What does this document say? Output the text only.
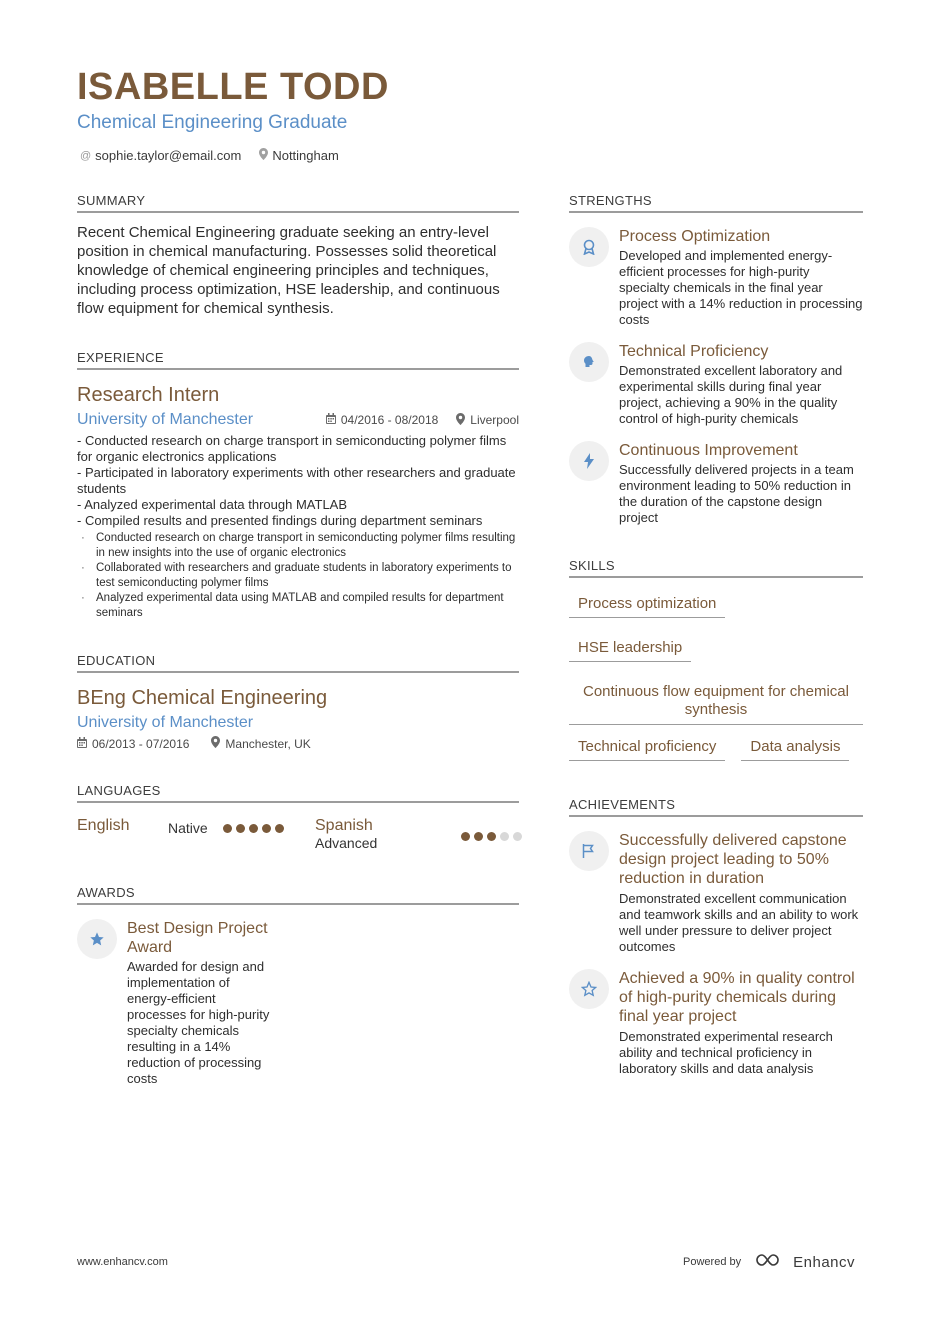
ISABELLE TODD
Chemical Engineering Graduate
@ sophie.taylor@email.com Nottingham
SUMMARY
Recent Chemical Engineering graduate seeking an entry-level position in chemical manufacturing. Possesses solid theoretical knowledge of chemical engineering principles and techniques, including process optimization, HSE leadership, and continuous flow equipment for chemical synthesis.
EXPERIENCE
Research Intern
University of Manchester	04/2016 - 08/2018	Liverpool
- Conducted research on charge transport in semiconducting polymer films for organic electronics applications
- Participated in laboratory experiments with other researchers and graduate students
- Analyzed experimental data through MATLAB
- Compiled results and presented findings during department seminars
· Conducted research on charge transport in semiconducting polymer films resulting in new insights into the use of organic electronics
· Collaborated with researchers and graduate students in laboratory experiments to test semiconducting polymer films
· Analyzed experimental data using MATLAB and compiled results for department seminars
EDUCATION
BEng Chemical Engineering
University of Manchester
06/2013 - 07/2016	Manchester, UK
LANGUAGES
English	Native	Spanish
Advanced
AWARDS
Best Design Project Award
Awarded for design and implementation of energy-efficient processes for high-purity specialty chemicals resulting in a 14% reduction of processing costs
STRENGTHS
Process Optimization
Developed and implemented energy-efficient processes for high-purity specialty chemicals in the final year project with a 14% reduction in processing costs
Technical Proficiency
Demonstrated excellent laboratory and experimental skills during final year project, achieving a 90% in the quality control of high-purity chemicals
Continuous Improvement
Successfully delivered projects in a team environment leading to 50% reduction in the duration of the capstone design project
SKILLS
Process optimization
HSE leadership
Continuous flow equipment for chemical synthesis
Technical proficiency	Data analysis
ACHIEVEMENTS
Successfully delivered capstone design project leading to 50% reduction in duration
Demonstrated excellent communication and teamwork skills and an ability to work well under pressure to deliver project outcomes
Achieved a 90% in quality control of high-purity chemicals during final year project
Demonstrated experimental research ability and technical proficiency in laboratory skills and data analysis
www.enhancv.com	Powered by	Enhancv
